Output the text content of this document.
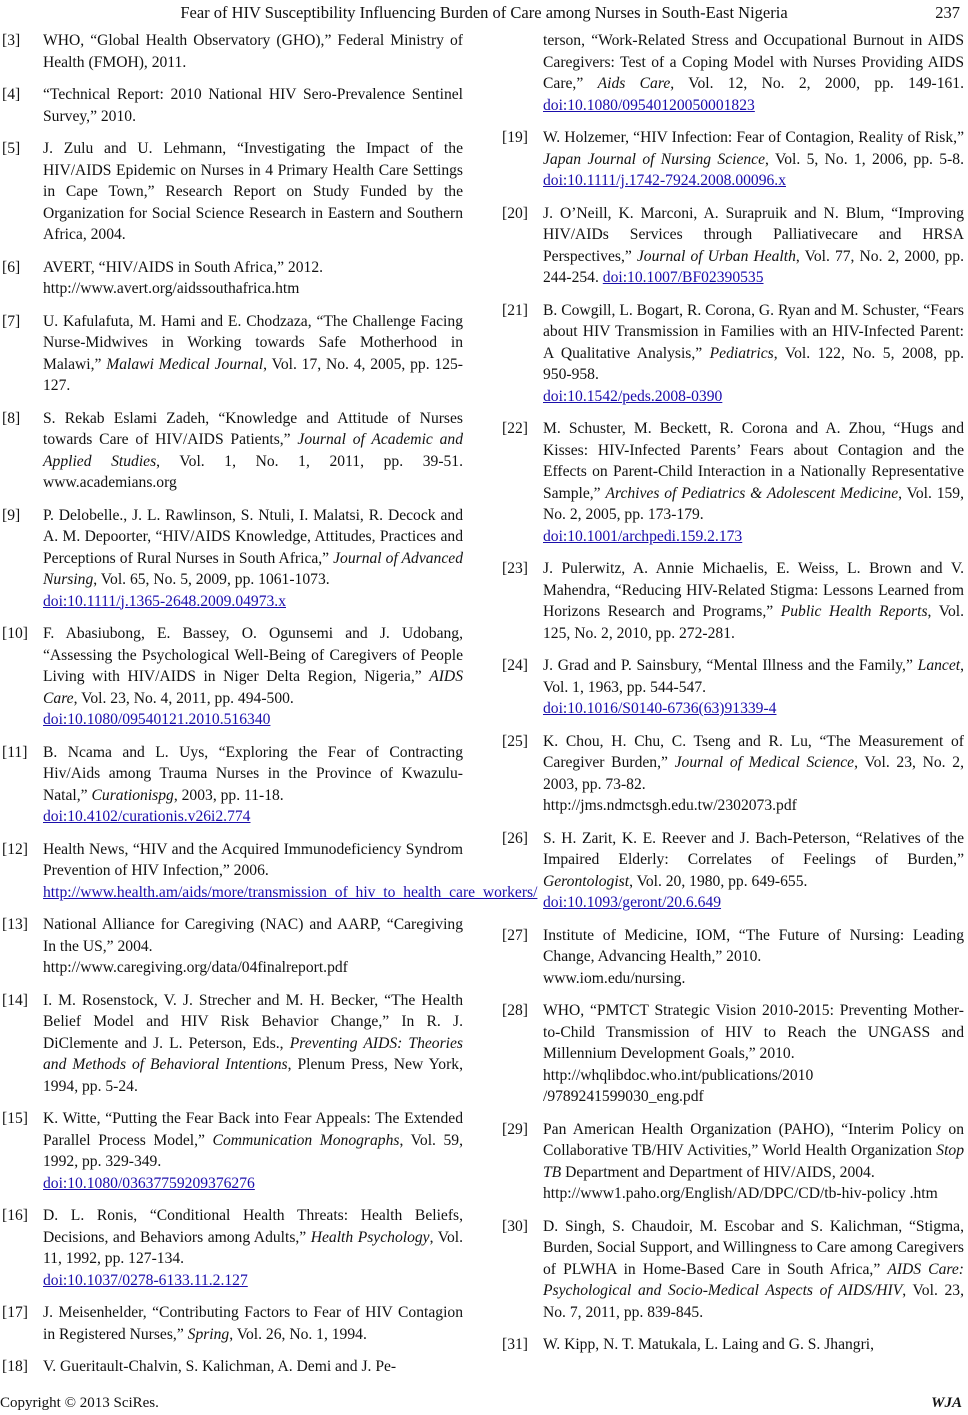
Fear of HIV Susceptibility Influencing Burden of Care among Nurses in South-East Nigeria	237
[3] WHO, “Global Health Observatory (GHO),” Federal Ministry of Health (FMOH), 2011.
[4] “Technical Report: 2010 National HIV Sero-Prevalence Sentinel Survey,” 2010.
[5] J. Zulu and U. Lehmann, “Investigating the Impact of the HIV/AIDS Epidemic on Nurses in 4 Primary Health Care Settings in Cape Town,” Research Report on Study Funded by the Organization for Social Science Research in Eastern and Southern Africa, 2004.
[6] AVERT, “HIV/AIDS in South Africa,” 2012.
http://www.avert.org/aidssouthafrica.htm
[7] U. Kafulafuta, M. Hami and E. Chodzaza, “The Challenge Facing Nurse-Midwives in Working towards Safe Motherhood in Malawi,” Malawi Medical Journal, Vol. 17, No. 4, 2005, pp. 125-127.
[8] S. Rekab Eslami Zadeh, “Knowledge and Attitude of Nurses towards Care of HIV/AIDS Patients,” Journal of Academic and Applied Studies, Vol. 1, No. 1, 2011, pp. 39-51. www.academians.org
[9] P. Delobelle., J. L. Rawlinson, S. Ntuli, I. Malatsi, R. Decock and A. M. Depoorter, “HIV/AIDS Knowledge, Attitudes, Practices and Perceptions of Rural Nurses in South Africa,” Journal of Advanced Nursing, Vol. 65, No. 5, 2009, pp. 1061-1073.
doi:10.1111/j.1365-2648.2009.04973.x
[10] F. Abasiubong, E. Bassey, O. Ogunsemi and J. Udobang, “Assessing the Psychological Well-Being of Caregivers of People Living with HIV/AIDS in Niger Delta Region, Nigeria,” AIDS Care, Vol. 23, No. 4, 2011, pp. 494-500.
doi:10.1080/09540121.2010.516340
[11] B. Ncama and L. Uys, “Exploring the Fear of Contracting Hiv/Aids among Trauma Nurses in the Province of Kwazulu-Natal,” Curationispg, 2003, pp. 11-18.
doi:10.4102/curationis.v26i2.774
[12] Health News, “HIV and the Acquired Immunodeficiency Syndrom Prevention of HIV Infection,” 2006.
http://www.health.am/aids/more/transmission_of_hiv_to_health_care_workers/
[13] National Alliance for Caregiving (NAC) and AARP, “Caregiving In the US,” 2004.
http://www.caregiving.org/data/04finalreport.pdf
[14] I. M. Rosenstock, V. J. Strecher and M. H. Becker, “The Health Belief Model and HIV Risk Behavior Change,” In R. J. DiClemente and J. L. Peterson, Eds., Preventing AIDS: Theories and Methods of Behavioral Intentions, Plenum Press, New York, 1994, pp. 5-24.
[15] K. Witte, “Putting the Fear Back into Fear Appeals: The Extended Parallel Process Model,” Communication Monographs, Vol. 59, 1992, pp. 329-349.
doi:10.1080/03637759209376276
[16] D. L. Ronis, “Conditional Health Threats: Health Beliefs, Decisions, and Behaviors among Adults,” Health Psychology, Vol. 11, 1992, pp. 127-134.
doi:10.1037/0278-6133.11.2.127
[17] J. Meisenhelder, “Contributing Factors to Fear of HIV Contagion in Registered Nurses,” Spring, Vol. 26, No. 1, 1994.
[18] V. Gueritault-Chalvin, S. Kalichman, A. Demi and J. Pe-
terson, “Work-Related Stress and Occupational Burnout in AIDS Caregivers: Test of a Coping Model with Nurses Providing AIDS Care,” Aids Care, Vol. 12, No. 2, 2000, pp. 149-161. doi:10.1080/09540120050001823
[19] W. Holzemer, “HIV Infection: Fear of Contagion, Reality of Risk,” Japan Journal of Nursing Science, Vol. 5, No. 1, 2006, pp. 5-8. doi:10.1111/j.1742-7924.2008.00096.x
[20] J. O’Neill, K. Marconi, A. Surapruik and N. Blum, “Improving HIV/AIDs Services through Palliativecare and HRSA Perspectives,” Journal of Urban Health, Vol. 77, No. 2, 2000, pp. 244-254. doi:10.1007/BF02390535
[21] B. Cowgill, L. Bogart, R. Corona, G. Ryan and M. Schuster, “Fears about HIV Transmission in Families with an HIV-Infected Parent: A Qualitative Analysis,” Pediatrics, Vol. 122, No. 5, 2008, pp. 950-958.
doi:10.1542/peds.2008-0390
[22] M. Schuster, M. Beckett, R. Corona and A. Zhou, “Hugs and Kisses: HIV-Infected Parents’ Fears about Contagion and the Effects on Parent-Child Interaction in a Nationally Representative Sample,” Archives of Pediatrics & Adolescent Medicine, Vol. 159, No. 2, 2005, pp. 173-179.
doi:10.1001/archpedi.159.2.173
[23] J. Pulerwitz, A. Annie Michaelis, E. Weiss, L. Brown and V. Mahendra, “Reducing HIV-Related Stigma: Lessons Learned from Horizons Research and Programs,” Public Health Reports, Vol. 125, No. 2, 2010, pp. 272-281.
[24] J. Grad and P. Sainsbury, “Mental Illness and the Family,” Lancet, Vol. 1, 1963, pp. 544-547.
doi:10.1016/S0140-6736(63)91339-4
[25] K. Chou, H. Chu, C. Tseng and R. Lu, “The Measurement of Caregiver Burden,” Journal of Medical Science, Vol. 23, No. 2, 2003, pp. 73-82.
http://jms.ndmctsgh.edu.tw/2302073.pdf
[26] S. H. Zarit, K. E. Reever and J. Bach-Peterson, “Relatives of the Impaired Elderly: Correlates of Feelings of Burden,” Gerontologist, Vol. 20, 1980, pp. 649-655.
doi:10.1093/geront/20.6.649
[27] Institute of Medicine, IOM, “The Future of Nursing: Leading Change, Advancing Health,” 2010.
www.iom.edu/nursing.
[28] WHO, “PMTCT Strategic Vision 2010-2015: Preventing Mother-to-Child Transmission of HIV to Reach the UNGASS and Millennium Development Goals,” 2010.
http://whqlibdoc.who.int/publications/2010 /9789241599030_eng.pdf
[29] Pan American Health Organization (PAHO), “Interim Policy on Collaborative TB/HIV Activities,” World Health Organization Stop TB Department and Department of HIV/AIDS, 2004.
http://www1.paho.org/English/AD/DPC/CD/tb-hiv-policy .htm
[30] D. Singh, S. Chaudoir, M. Escobar and S. Kalichman, “Stigma, Burden, Social Support, and Willingness to Care among Caregivers of PLWHA in Home-Based Care in South Africa,” AIDS Care: Psychological and Socio-Medical Aspects of AIDS/HIV, Vol. 23, No. 7, 2011, pp. 839-845.
[31] W. Kipp, N. T. Matukala, L. Laing and G. S. Jhangri,
Copyright © 2013 SciRes.	WJA
